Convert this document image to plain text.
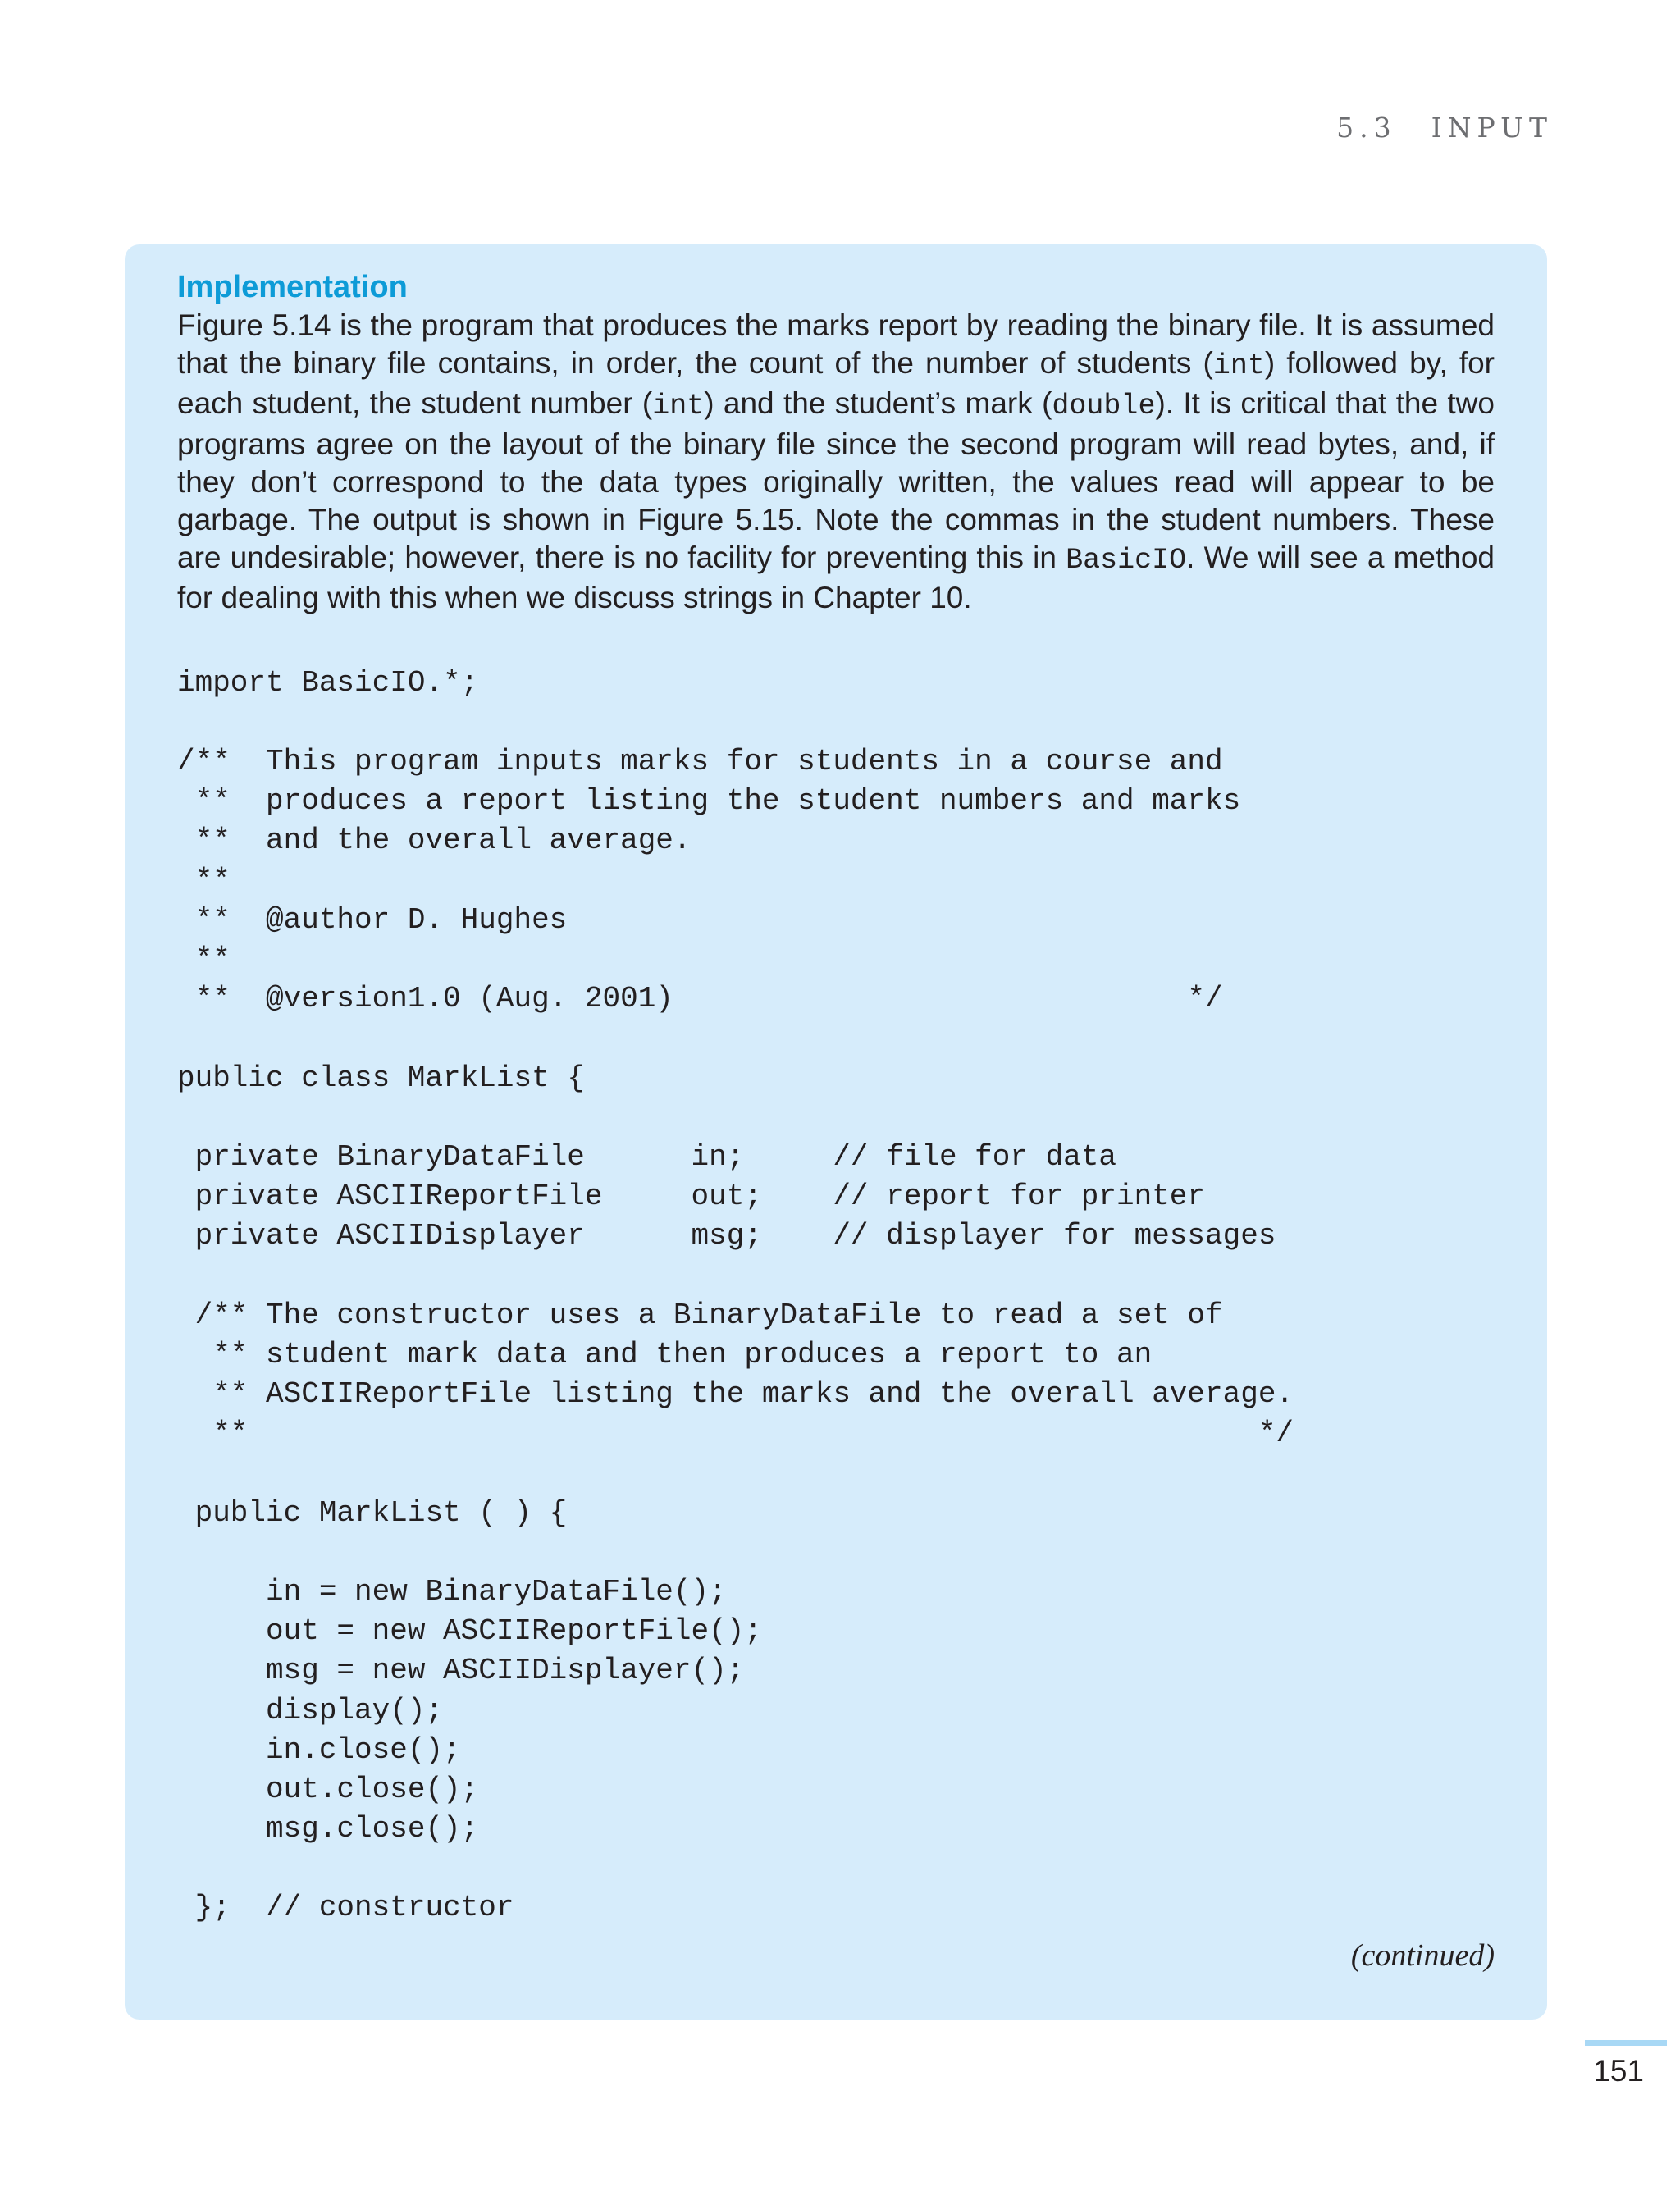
5.3 INPUT
Implementation

Figure 5.14 is the program that produces the marks report by reading the binary file. It is assumed that the binary file contains, in order, the count of the number of students (int) followed by, for each student, the student number (int) and the student’s mark (double). It is critical that the two programs agree on the layout of the binary file since the second program will read bytes, and, if they don’t correspond to the data types originally written, the values read will appear to be garbage. The output is shown in Figure 5.15. Note the commas in the student numbers. These are undesirable; however, there is no facility for preventing this in BasicIO. We will see a method for dealing with this when we discuss strings in Chapter 10.

import BasicIO.*;
/**  This program inputs marks for students in a course and
**  produces a report listing the student numbers and marks
**  and the overall average.
**
**  @author D. Hughes
**
**  @version1.0 (Aug. 2001)                             */
public class MarkList {
private BinaryDataFile      in;     // file for data
private ASCIIReportFile     out;    // report for printer
private ASCIIDisplayer      msg;    // displayer for messages
/** The constructor uses a BinaryDataFile to read a set of
** student mark data and then produces a report to an
** ASCIIReportFile listing the marks and the overall average.
**                                                         */
public MarkList ( ) {
in = new BinaryDataFile();
out = new ASCIIReportFile();
msg = new ASCIIDisplayer();
display();
in.close();
out.close();
msg.close();
};  // constructor
(continued)
151
